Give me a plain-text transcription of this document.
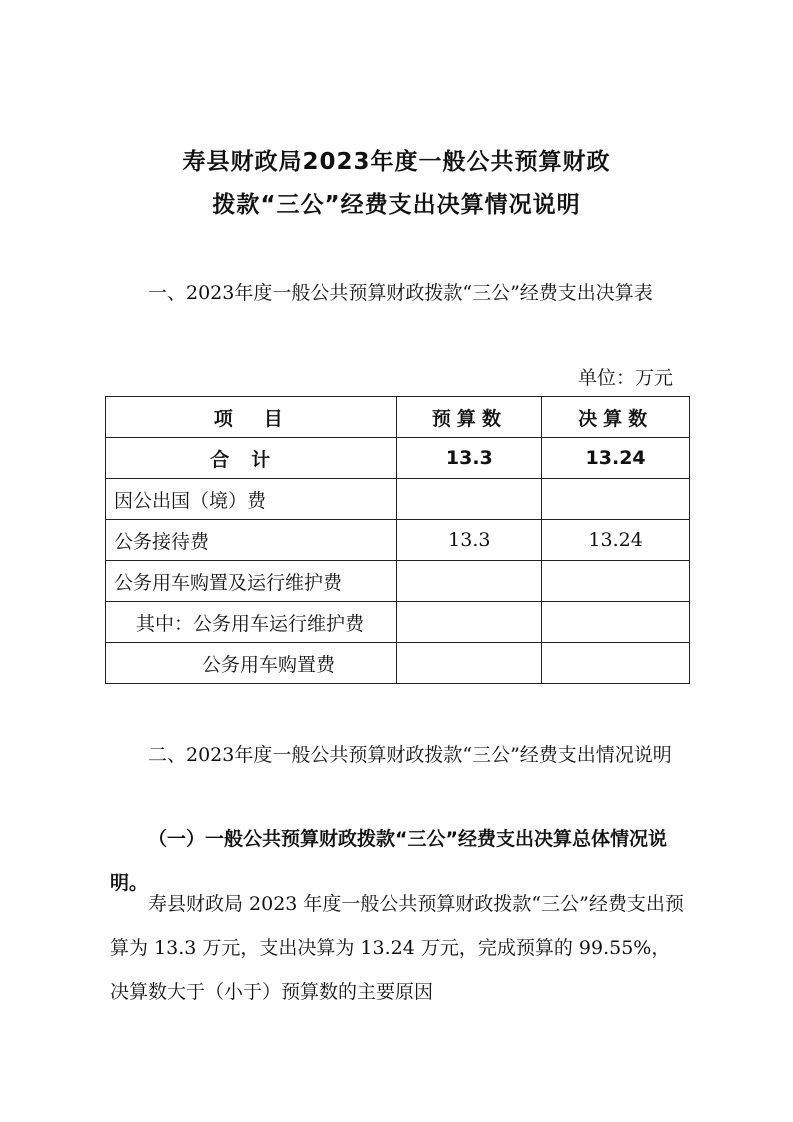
寿县财政局2023年度一般公共预算财政
拨款“三公”经费支出决算情况说明

一、2023年度一般公共预算财政拨款“三公”经费支出决算表

单位：万元

项　目	预算数	决算数
合计	13.3	13.24
因公出国（境）费		
公务接待费	13.3	13.24
公务用车购置及运行维护费		
其中：公务用车运行维护费		
公务用车购置费		

二、2023年度一般公共预算财政拨款“三公”经费支出情况说明

（一）一般公共预算财政拨款“三公”经费支出决算总体情况说明。

寿县财政局 2023 年度一般公共预算财政拨款“三公”经费支出预算为 13.3 万元，支出决算为 13.24 万元，完成预算的 99.55%，决算数大于（小于）预算数的主要原因
